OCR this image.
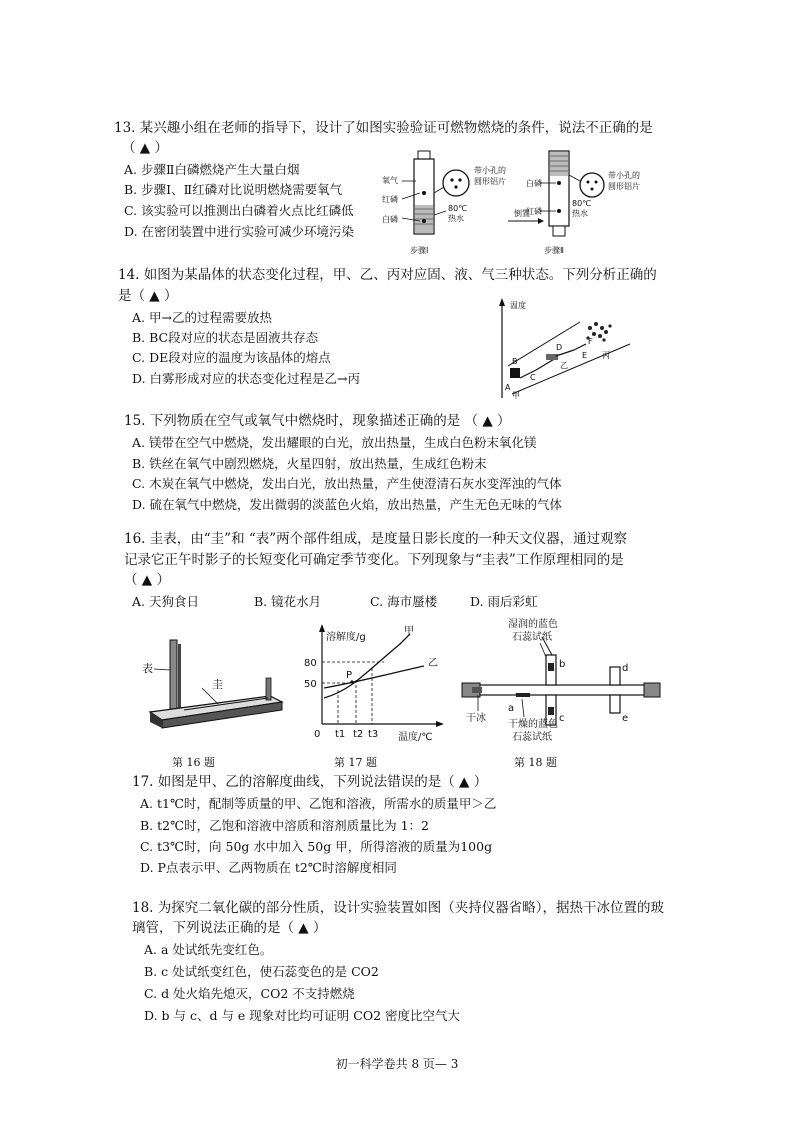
13. 某兴趣小组在老师的指导下，设计了如图实验验证可燃物燃烧的条件，说法不正确的是
（ ▲ ）
A. 步骤Ⅱ白磷燃烧产生大量白烟
B. 步骤Ⅰ、Ⅱ红磷对比说明燃烧需要氧气
C. 该实验可以推测出白磷着火点比红磷低
D. 在密闭装置中进行实验可减少环境污染
氧气
红磷
白磷
带小孔的
圆形铝片
80℃
热水
步骤Ⅰ
倒置
白磷
红磷
带小孔的
圆形铝片
80℃
热水
步骤Ⅱ
14. 如图为某晶体的状态变化过程，甲、乙、丙对应固、液、气三种状态。下列分析正确的
是（ ▲ ）
A. 甲→乙的过程需要放热
B. BC段对应的状态是固液共存态
C. DE段对应的温度为该晶体的熔点
D. 白雾形成对应的状态变化过程是乙→丙
温度
A
B
C
D
E
F
甲
乙
丙
15. 下列物质在空气或氧气中燃烧时，现象描述正确的是 （ ▲ ）
A. 镁带在空气中燃烧，发出耀眼的白光，放出热量，生成白色粉末氧化镁
B. 铁丝在氧气中剧烈燃烧，火星四射，放出热量，生成红色粉末
C. 木炭在氧气中燃烧，发出白光，放出热量，产生使澄清石灰水变浑浊的气体
D. 硫在氧气中燃烧，发出微弱的淡蓝色火焰，放出热量，产生无色无味的气体
16. 圭表，由“圭”和 “表”两个部件组成，是度量日影长度的一种天文仪器，通过观察
记录它正午时影子的长短变化可确定季节变化。下列现象与“圭表”工作原理相同的是
（ ▲ ）
A. 天狗食日	B. 镜花水月	C. 海市蜃楼	D. 雨后彩虹
表
圭
第 16 题
溶解度/g
温度/℃
甲
乙
P
80
50
0 t1 t2 t3
第 17 题
湿润的蓝色
石蕊试纸
b
c
d
e
a
干冰
干燥的蓝色
石蕊试纸
第 18 题
17. 如图是甲、乙的溶解度曲线，下列说法错误的是（ ▲ ）
A. t1℃时，配制等质量的甲、乙饱和溶液，所需水的质量甲＞乙
B. t2℃时，乙饱和溶液中溶质和溶剂质量比为 1：2
C. t3℃时，向 50g 水中加入 50g 甲，所得溶液的质量为100g
D. P点表示甲、乙两物质在 t2℃时溶解度相同
18. 为探究二氧化碳的部分性质，设计实验装置如图（夹持仪器省略），据热干冰位置的玻
璃管，下列说法正确的是（ ▲ ）
A. a 处试纸先变红色。
B. c 处试纸变红色，使石蕊变色的是 CO2
C. d 处火焰先熄灭，CO2 不支持燃烧
D. b 与 c、d 与 e 现象对比均可证明 CO2 密度比空气大
初一科学卷共 8 页— 3
